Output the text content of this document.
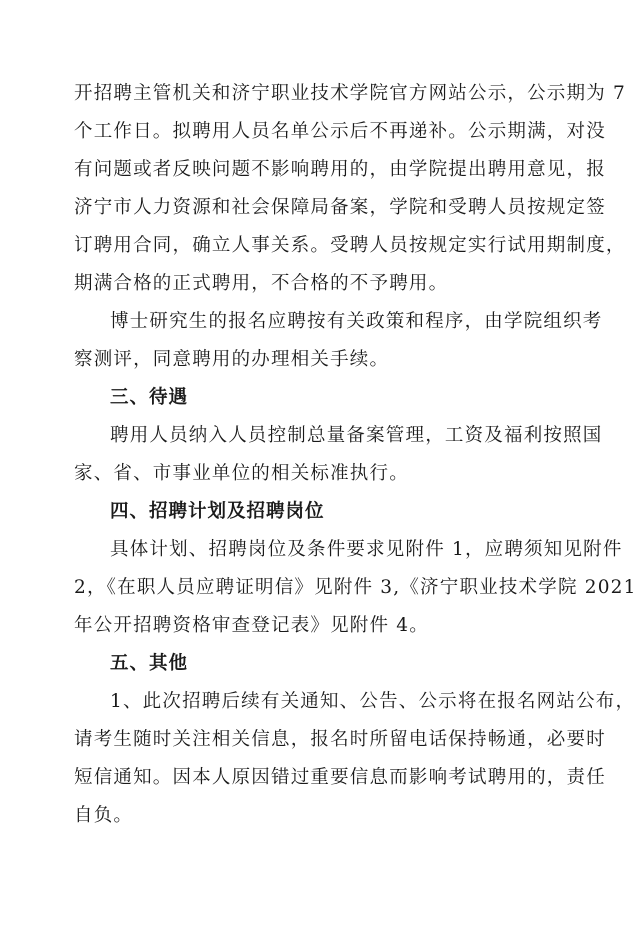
开招聘主管机关和济宁职业技术学院官方网站公示，公示期为 7
个工作日。拟聘用人员名单公示后不再递补。公示期满，对没
有问题或者反映问题不影响聘用的，由学院提出聘用意见，报
济宁市人力资源和社会保障局备案，学院和受聘人员按规定签
订聘用合同，确立人事关系。受聘人员按规定实行试用期制度，
期满合格的正式聘用，不合格的不予聘用。
博士研究生的报名应聘按有关政策和程序，由学院组织考
察测评，同意聘用的办理相关手续。
三、待遇
聘用人员纳入人员控制总量备案管理，工资及福利按照国
家、省、市事业单位的相关标准执行。
四、招聘计划及招聘岗位
具体计划、招聘岗位及条件要求见附件 1，应聘须知见附件
2，《在职人员应聘证明信》见附件 3,《济宁职业技术学院 2021
年公开招聘资格审查登记表》见附件 4。
五、其他
1、此次招聘后续有关通知、公告、公示将在报名网站公布，
请考生随时关注相关信息，报名时所留电话保持畅通，必要时
短信通知。因本人原因错过重要信息而影响考试聘用的，责任
自负。
